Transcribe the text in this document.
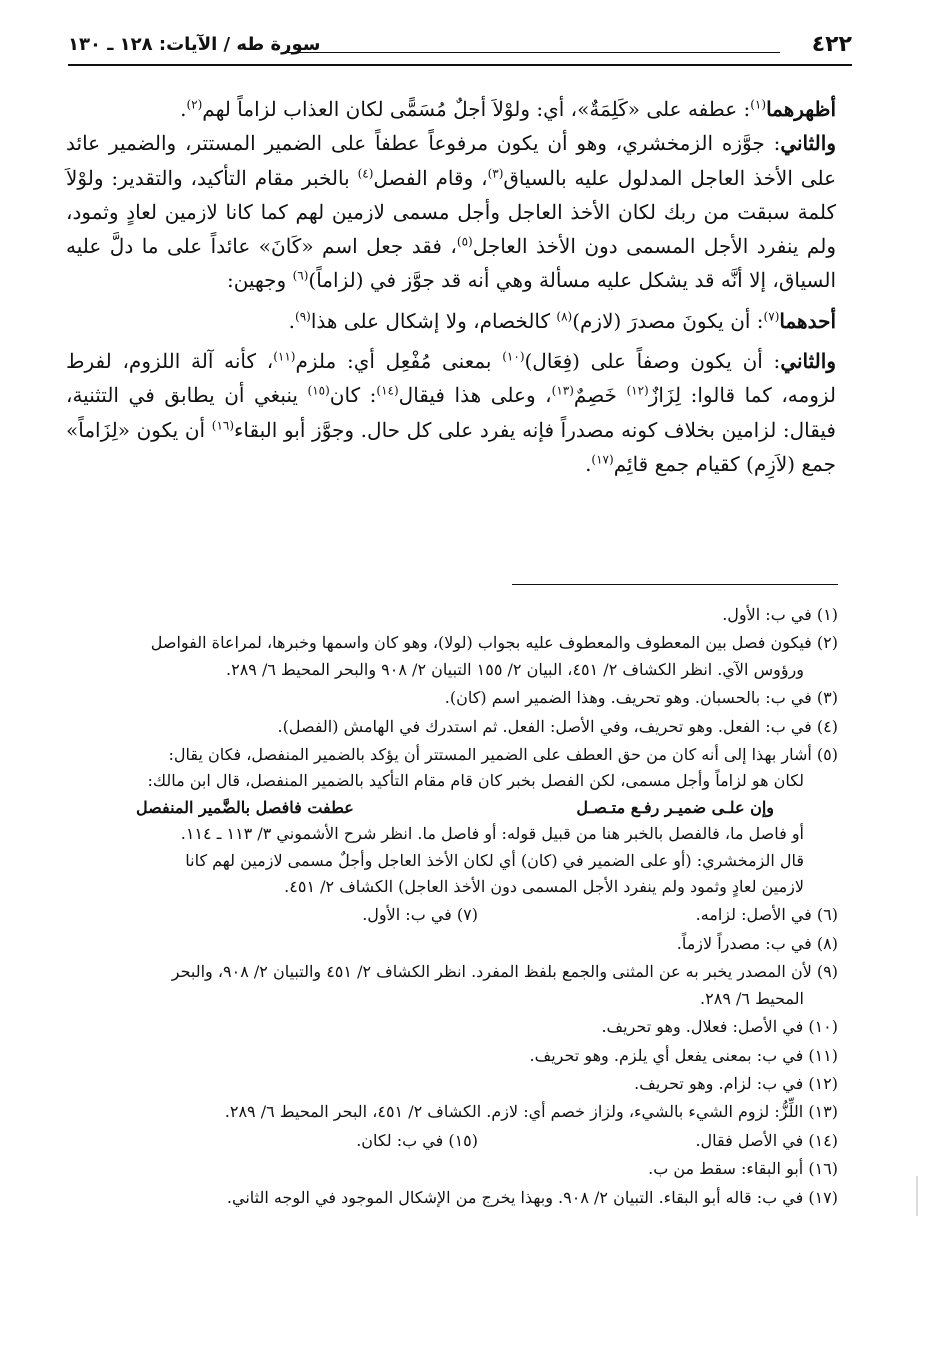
٤٢٢
سورة طه / الآيات: ١٢٨ ـ ١٣٠

أظهرهما$^{(١)}$: عطفه على «كَلِمَةٌ»، أي: ولوْلاَ أجلٌ مُسَمًّى لكان العذاب لزاماً لهم$^{(٢)}$.

والثاني: جوَّزه الزمخشري، وهو أن يكون مرفوعاً عطفاً على الضمير المستتر، والضمير عائد على الأخذ العاجل المدلول عليه بالسياق$^{(٣)}$، وقام الفصل$^{(٤)}$ بالخبر مقام التأكيد، والتقدير: ولوْلاَ كلمة سبقت من ربك لكان الأخذ العاجل وأجل مسمى لازمين لهم كما كانا لازمين لعادٍ وثمود، ولم ينفرد الأجل المسمى دون الأخذ العاجل$^{(٥)}$، فقد جعل اسم «كَانَ» عائداً على ما دلَّ عليه السياق، إلا أنَّه قد يشكل عليه مسألة وهي أنه قد جوَّز في (لزاماً)$^{(٦)}$ وجهين:

أحدهما$^{(٧)}$: أن يكونَ مصدرَ (لازم)$^{(٨)}$ كالخصام، ولا إشكال على هذا$^{(٩)}$.

والثاني: أن يكون وصفاً على (فِعَال)$^{(١٠)}$ بمعنى مُفْعِل أي: ملزم$^{(١١)}$، كأنه آلة اللزوم، لفرط لزومه، كما قالوا: لِزَازٌ$^{(١٢)}$ خَصِمٌ$^{(١٣)}$، وعلى هذا فيقال$^{(١٤)}$: كان$^{(١٥)}$ ينبغي أن يطابق في التثنية، فيقال: لزامين بخلاف كونه مصدراً فإنه يفرد على كل حال. وجوَّز أبو البقاء$^{(١٦)}$ أن يكون «لِزَاماً» جمع (لاَزِم) كقيام جمع قائِم$^{(١٧)}$.

(١) في ب: الأول.
(٢) فيكون فصل بين المعطوف والمعطوف عليه بجواب (لولا)، وهو كان واسمها وخبرها، لمراعاة الفواصل
ورؤوس الآي. انظر الكشاف ٢/ ٤٥١، البيان ٢/ ١٥٥ التبيان ٢/ ٩٠٨ والبحر المحيط ٦/ ٢٨٩.
(٣) في ب: بالحسبان. وهو تحريف. وهذا الضمير اسم (كان).
(٤) في ب: الفعل. وهو تحريف، وفي الأصل: الفعل. ثم استدرك في الهامش (الفصل).
(٥) أشار بهذا إلى أنه كان من حق العطف على الضمير المستتر أن يؤكد بالضمير المنفصل، فكان يقال:
لكان هو لزاماً وأجل مسمى، لكن الفصل بخبر كان قام مقام التأكيد بالضمير المنفصل، قال ابن مالك:
وإن علـى ضميـر رفـع متـصـل
عطفت فافصل بالضَّمير المنفصل
أو فاصل ما، فالفصل بالخبر هنا من قبيل قوله: أو فاصل ما. انظر شرح الأشموني ٣/ ١١٣ ـ ١١٤.
قال الزمخشري: (أو على الضمير في (كان) أي لكان الأخذ العاجل وأجلٌ مسمى لازمين لهم كانا
لازمين لعادٍ وثمود ولم ينفرد الأجل المسمى دون الأخذ العاجل) الكشاف ٢/ ٤٥١.
(٦) في الأصل: لزامه.
(٧) في ب: الأول.
(٨) في ب: مصدراً لازماً.
(٩) لأن المصدر يخبر به عن المثنى والجمع بلفظ المفرد. انظر الكشاف ٢/ ٤٥١ والتبيان ٢/ ٩٠٨، والبحر
المحيط ٦/ ٢٨٩.
(١٠) في الأصل: فعلال. وهو تحريف.
(١١) في ب: بمعنى يفعل أي يلزم. وهو تحريف.
(١٢) في ب: لزام. وهو تحريف.
(١٣) اللِّزُّ: لزوم الشيء بالشيء، ولزاز خصم أي: لازم. الكشاف ٢/ ٤٥١، البحر المحيط ٦/ ٢٨٩.
(١٤) في الأصل فقال.
(١٥) في ب: لكان.
(١٦) أبو البقاء: سقط من ب.
(١٧) في ب: قاله أبو البقاء. التبيان ٢/ ٩٠٨. وبهذا يخرج من الإشكال الموجود في الوجه الثاني.
